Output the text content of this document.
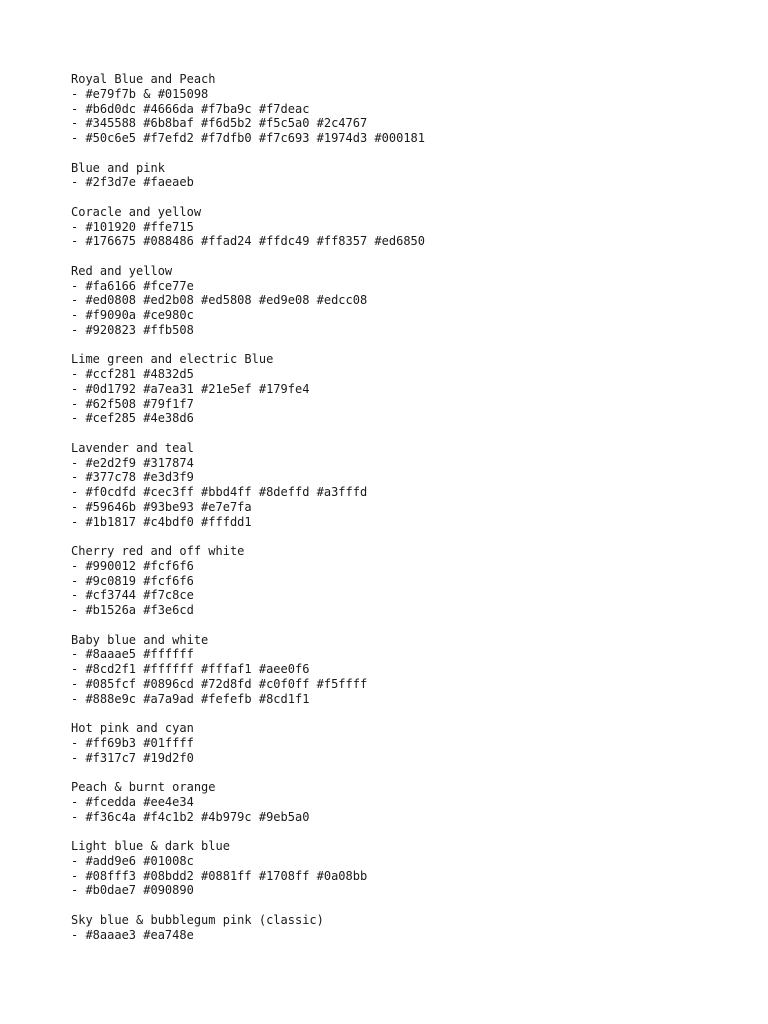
Royal Blue and Peach
- #e79f7b & #015098
- #b6d0dc #4666da #f7ba9c #f7deac
- #345588 #6b8baf #f6d5b2 #f5c5a0 #2c4767
- #50c6e5 #f7efd2 #f7dfb0 #f7c693 #1974d3 #000181
Blue and pink
- #2f3d7e #faeaeb
Coracle and yellow
- #101920 #ffe715
- #176675 #088486 #ffad24 #ffdc49 #ff8357 #ed6850
Red and yellow
- #fa6166 #fce77e
- #ed0808 #ed2b08 #ed5808 #ed9e08 #edcc08
- #f9090a #ce980c
- #920823 #ffb508
Lime green and electric Blue
- #ccf281 #4832d5
- #0d1792 #a7ea31 #21e5ef #179fe4
- #62f508 #79f1f7
- #cef285 #4e38d6
Lavender and teal
- #e2d2f9 #317874
- #377c78 #e3d3f9
- #f0cdfd #cec3ff #bbd4ff #8deffd #a3fffd
- #59646b #93be93 #e7e7fa
- #1b1817 #c4bdf0 #fffdd1
Cherry red and off white
- #990012 #fcf6f6
- #9c0819 #fcf6f6
- #cf3744 #f7c8ce
- #b1526a #f3e6cd
Baby blue and white
- #8aaae5 #ffffff
- #8cd2f1 #ffffff #fffaf1 #aee0f6
- #085fcf #0896cd #72d8fd #c0f0ff #f5ffff
- #888e9c #a7a9ad #fefefb #8cd1f1
Hot pink and cyan
- #ff69b3 #01ffff
- #f317c7 #19d2f0
Peach & burnt orange
- #fcedda #ee4e34
- #f36c4a #f4c1b2 #4b979c #9eb5a0
Light blue & dark blue
- #add9e6 #01008c
- #08fff3 #08bdd2 #0881ff #1708ff #0a08bb
- #b0dae7 #090890
Sky blue & bubblegum pink (classic)
- #8aaae3 #ea748e
